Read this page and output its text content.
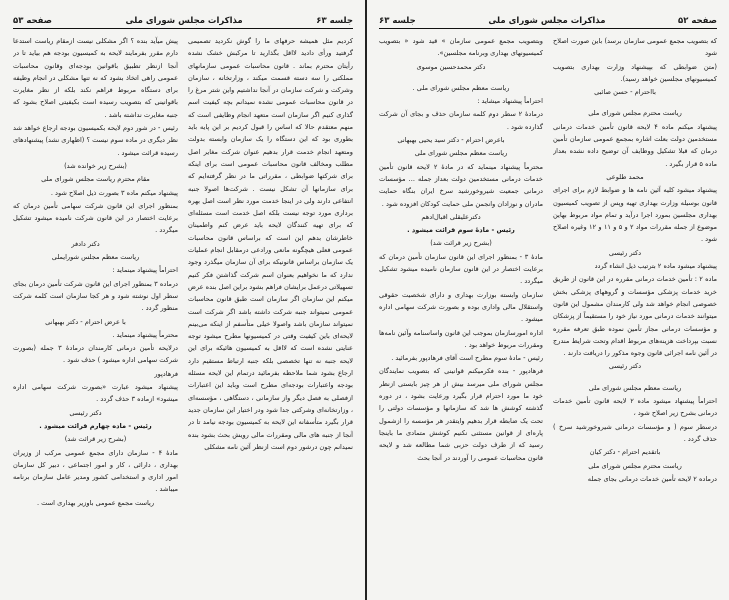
صفحه ۵۲
مذاکرات مجلس شورای ملی
جلسه ۶۳

که بتصویب مجمع عمومی سازمان برسد) باین صورت اصلاح شود

(متن ضوابطی که بپیشنهاد وزارت بهداری بتصویب کمیسیونهای مجلسین خواهد رسید).

بااحترام - حسن صائبی

ریاست محترم مجلس شورای ملی

پیشنهاد میکنم ماده ۴ لایحه قانون تأمین خدمات درمانی مستخدمین دولت بعلت اشاره بمجمع عمومی سازمان تأمین درمان که قبلا تشکیل ووظایف آن توضیح داده نشده بعداز ماده ۵ قرار بگیرد .

محمد طلوعی

پیشنهاد میشود کلیه آئین نامه ها و ضوابط لازم برای اجرای قانون بوسیله وزارت بهداری تهیه وپس از تصویب کمیسیون بهداری مجلسین بمورد اجرا درآید و تمام مواد مربوط بهاین موضوع از جمله مقررات مواد ۲ و ۵ و ۱۱ و ۱۲ وغیره اصلاح شود .

دکتر رئیسی

پیشنهاد میشود ماده ۲ بترتیب ذیل انشاء گردد

ماده ۲ : تأمین خدمات درمانی مقرره در این قانون از طریق خرید خدمات پزشکی مؤسسات و گروههای پزشکی بخش خصوصی انجام خواهد شد ولی کارمندان مشمول این قانون میتوانند خدمات درمانی مورد نیاز خود را مستقیماً از پزشکان و مؤسسات درمانی مجاز تأمین نموده طبق تعرفه مقرره نسبت بپرداخت هزینه‌های مربوط اقدام وتحت شرایط مندرج در آئین نامه اجرائی قانون وجوه مذکور را دریافت دارند .

دکتر رئیسی

ریاست معظم مجلس شورای ملی

احتراماً پیشنهاد میشود ماده ۲ لایحه قانون تأمین خدمات درمانی بشرح زیر اصلاح شود ،

درسطر سوم ( و مؤسسات درمانی شیروخورشید سرخ ) حذف گردد .

باتقدیم احترام - دکتر کیان

ریاست محترم مجلس شورای ملی

درماده ۲ لایحه تأمین خدمات درمانی بجای جمله

وبتصویب مجمع عمومی سازمان » قید شود « بتصویب کمیسیونهای بهداری وبرنامه مجلسین».

دکتر محمدحسین موسوی

ریاست معظم مجلس شورای ملی .

احتراماً پیشنهاد میشاید :

درمادهٔ ۲ سطر دوم کلمه سازمان حذف و بجای آن شرکت گذارده شود .

باعرض احترام - دکتر سید یحیی بهبهانی

ریاست معظم مجلس شورای ملی

محترماً پیشنهاد مینماید که در مادهٔ ۲ لایحه قانون تأمین خدمات درمانی مستخدمین دولت بعداز جمله ... مؤسسات درمانی جمعیت شیروخورشید سرخ ایران بنگاه حمایت مادران و نوزادان وانجمن ملی حمایت کودکان افزوده شود .

دکترعلیقلی اقبال‌ادهم

رئیس - مادهٔ سوم قرائت میشود .

(بشرح زیر قرائت شد)

مادهٔ ۳ - بمنظور اجرای این قانون سازمان تأمین درمان که برعایت اختصار در این قانون سازمان نامیده میشود تشکیل میگردد .

سازمان وابسته بوزارت بهداری و دارای شخصیت حقوقی واستقلال مالی واداری بوده و بصورت شرکت سهامی اداره میشود .

اداره امورسازمان بموجب این قانون واساسنامه وآئین نامه‌ها ومقررات مربوط خواهد بود .

رئیس - مادهٔ سوم مطرح است آقای فرهادپور بفرمائید .

فرهادپور - بنده فکرمیکنم قوانینی که بتصویب نمایندگان مجلس شورای ملی میرسد بیش از هر چیز بایستی ازنظر خود ما مورد احترام قرار بگیرد ورعایت بشود ، در دوره گذشته کوشش ها شد که سازمانها و مؤسسات دولتی را تحت یک ضابطه قرار بدهیم وایتقدر هر مؤسسه را ازشمول پاره‌ای از قوانین مستثنی نکنیم کوشش متمادی ما باینجا رسید که از طرف دولت حزبی شما مطالعه شد و لایحه قانون محاسبات عمومی را آوردند در آنجا بحث

جلسه ۶۳
مذاکرات مجلس شورای ملی
صفحه ۵۳

کردیم مثل همیشه حرفهای ما را گوش نکردید تصمیمی گرفتید ورأی دادید لااقل بگذارید تا مرکبش خشک نشده رأیتان محترم بماند . قانون محاسبات عمومی سازمانهای مملکتی را سه دسته قسمت میکند ، وزارتخانه ، سازمان وشرکت و شرکت سازمان در آنجا نداشتیم واین شتر مرغ را در قانون محاسبات عمومی نشده نمیدانم بچه کیفیت اسم گذاری کنیم اگر سازمان است متعهد انجام وظایفی است که منهم معتقدم حالا که اساس را قبول کردیم بر این پایه باید بطوری بود که این دستگاه را یک سازمان وابسته بدولت ومتعهد انجام خدمت قرار بدهیم عنوان شرکت مغایر اصل مطلب ومخالف قانون محاسبات عمومی است برای اینکه برای شرکتها ضوابطی ، مقرراتی ما در نظر گرفته‌ایم که برای سازمانها آن تشکل نیست . شرکت‌ها اصولا جنبه انتفاعی دارند ولی در اینجا خدمت مورد نظر است اصل بهره برداری مورد توجه نیست بلکه اصل خدمت است مسئله‌ای که برای تهیه کنندگان لایحه باید عرض کنم واطمینان خاطرشان بدهم این است که براساس قانون محاسبات عمومی فعلی هیچگونه مانعی ورادعی درمقابل انجام عملیات یک سازمان براساس قانونیکه برای آن سازمان میگذرد وجود ندارد که ما نخواهیم بعنوان اسم شرکت گذاشتن فکر کنیم تسهیلاتی درعمل برایشان فراهم بشود براین اصل بنده عرض میکنم این سازمان اگر سازمان است طبق قانون محاسبات عمومی نمیتواند جنبه شرکت داشته باشد اگر شرکت است نمیتواند سازمان باشد واصولا خیلی متأسفم از اینکه می‌بینم لایحه‌ای باین کیفیت وقتی در کمیسیونها مطرح میشود توجه عنایتی نشده است که لااقل به کمیسیون هائیکه برای این لایحه جنبه نه تنها تخصصی بلکه جنبه ارتباط مستقیم دارد ارجاع بشود شما ملاحظه بفرمائید درتمام این لایحه مسئله بودجه واعتبارات بودجه‌ای مطرح است وباید این اعتبارات ازفصلی به فصل دیگر واز سازمانی ، دستگاهی ، مؤسسه‌ای ، وزارتخانه‌ای وشرکتی جدا شود ودر اختیار این سازمان جدید قرار بگیرد متأسفانه این لایحه به کمیسیون بودجه نیامد تا در آنجا از جنبه های مالی ومقررات مالی رویش بحث بشود بنده نمیدانم چون درشور دوم است ازنظر آئین نامه مشکلی

پیش میآید بنده ؟ اگر مشکلی نیست ازمقام ریاست استدعا دارم مقرر بفرمایند لایحه به کمیسیون بودجه هم بیاید تا در آنجا ازنظر تطبیق باقوانین بودجه‌ای وقانون محاسبات عمومی راهی اتخاذ بشود که نه تنها مشکلی در انجام وظیفه برای دستگاه مربوط فراهم نکند بلکه از نظر مغایرت باقوانینی که بتصویب رسیده است بکیفیتی اصلاح بشود که جنبه مغایرت نداشته باشد .

رئیس - در شور دوم لایحه بکمیسیون بودجه ارجاع خواهد شد نظر دیگری در ماده سوم نیست ؟ (اظهاری نشد) پیشنهادهای رسیده قرائت میشود .

(بشرح زیر خوانده شد)

مقام محترم ریاست مجلس شورای ملی

پیشنهاد میکنم ماده ۳ بصورت ذیل اصلاح شود .

بمنظور اجرای این قانون شرکت سهامی تأمین درمان که برعایت اختصار در این قانون شرکت نامیده میشود تشکیل میگردد .

دکتر دادفر

ریاست معظم مجلس شورایملی

احتراماً پیشنهاد مینماید :

درماده ۳ بمنظور اجرای این قانون شرکت تأمین درمان بجای سطر اول نوشته شود و هر کجا سازمان است کلمه شرکت منظور گردد .

با عرض احترام - دکتر بهبهانی

محترماً پیشنهاد مینماید .

درلایحه تأمین درمانی کارمندان درمادهٔ ۳ جمله (بصورت شرکت سهامی اداره میشود ) حذف شود .

فرهادپور

پیشنهاد میشود عبارت «بصورت شرکت سهامی اداره میشود» ازماده ۳ حذف گردد .

دکتر رئیسی

رئیس - ماده چهارم قرائت میشود .

(بشرح زیر قرائت شد)

مادهٔ ۴ - سازمان دارای مجمع عمومی مرکب از وزیران بهداری ، دارائی ، کار و امور اجتماعی ، دبیر کل سازمان امور اداری و استخدامی کشور ومدیر عامل سازمان برنامه میباشد .

ریاست مجمع عمومی باوزیر بهداری است .
